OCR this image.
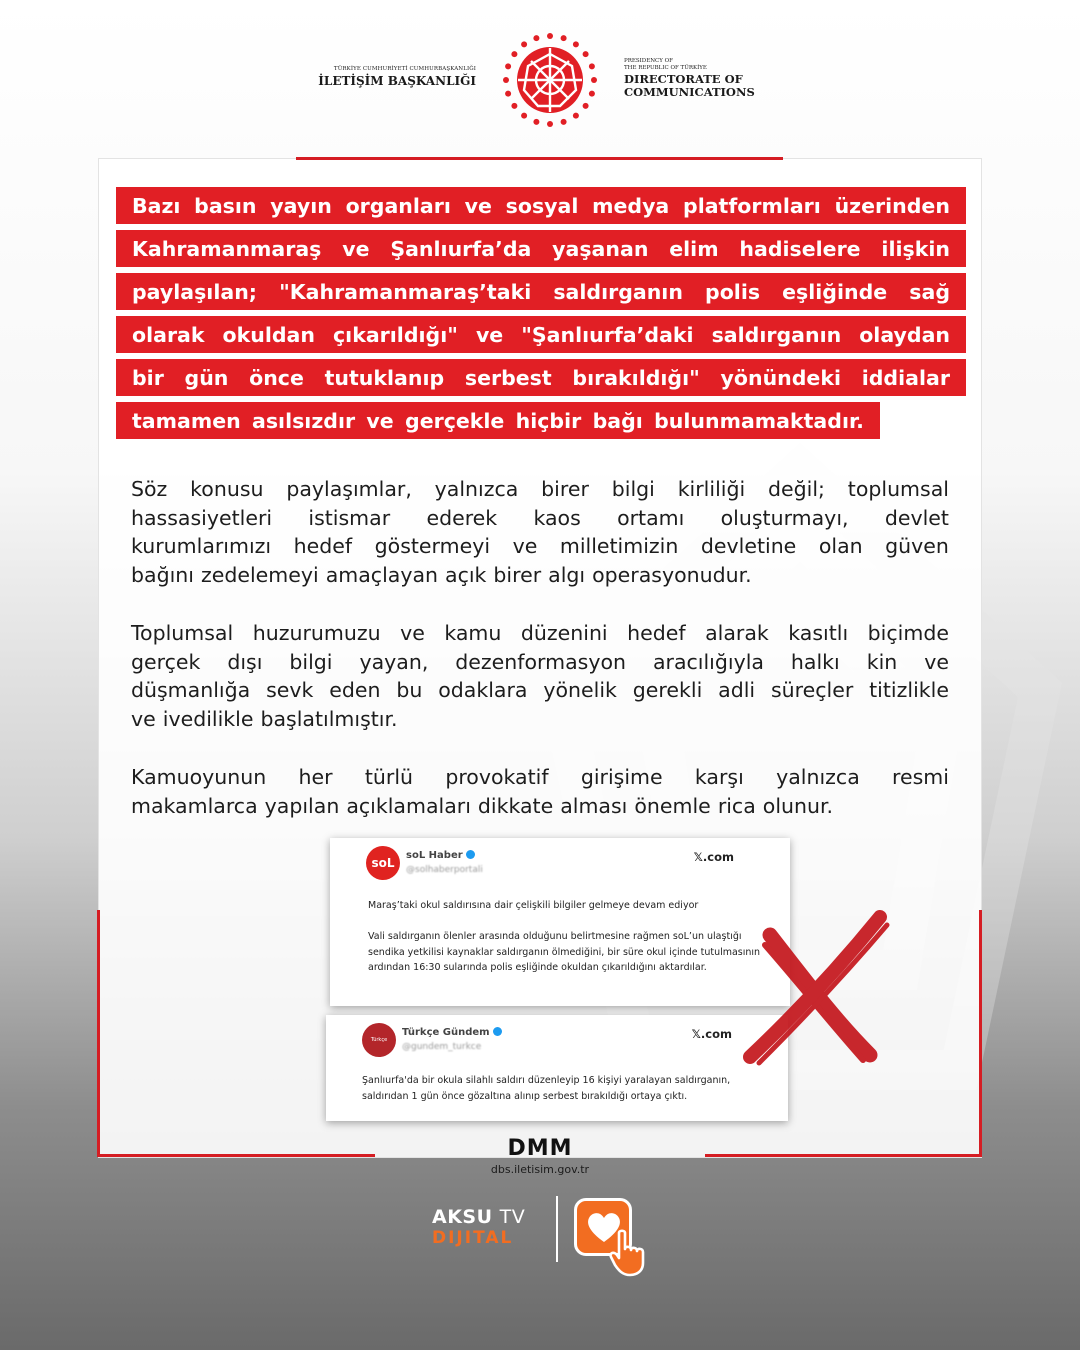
TÜRKİYE CUMHURİYETİ CUMHURBAŞKANLIĞI
İLETİŞİM BAŞKANLIĞI
PRESIDENCY OF
THE REPUBLIC OF TÜRKİYE
DIRECTORATE OF
COMMUNICATIONS
Bazı basın yayın organları ve sosyal medya platformları üzerinden
Kahramanmaraş ve Şanlıurfa’da yaşanan elim hadiselere ilişkin
paylaşılan; "Kahramanmaraş’taki saldırganın polis eşliğinde sağ
olarak okuldan çıkarıldığı" ve "Şanlıurfa’daki saldırganın olaydan
bir gün önce tutuklanıp serbest bırakıldığı" yönündeki iddialar
tamamen asılsızdır ve gerçekle hiçbir bağı bulunmamaktadır.
Söz konusu paylaşımlar, yalnızca birer bilgi kirliliği değil; toplumsal
hassasiyetleri istismar ederek kaos ortamı oluşturmayı, devlet
kurumlarımızı hedef göstermeyi ve milletimizin devletine olan güven
bağını zedelemeyi amaçlayan açık birer algı operasyonudur.
Toplumsal huzurumuzu ve kamu düzenini hedef alarak kasıtlı biçimde
gerçek dışı bilgi yayan, dezenformasyon aracılığıyla halkı kin ve
düşmanlığa sevk eden bu odaklara yönelik gerekli adli süreçler titizlikle
ve ivedilikle başlatılmıştır.
Kamuoyunun her türlü provokatif girişime karşı yalnızca resmi
makamlarca yapılan açıklamaları dikkate alması önemle rica olunur.
soL
soL Haber
@solhaberportali
𝕏.com
Maraş’taki okul saldırısına dair çelişkili bilgiler gelmeye devam ediyor
Vali saldırganın ölenler arasında olduğunu belirtmesine rağmen soL’un ulaştığı sendika yetkilisi kaynaklar saldırganın ölmediğini, bir süre okul içinde tutulmasının ardından 16:30 sularında polis eşliğinde okuldan çıkarıldığını aktardılar.
Türkçe
Türkçe Gündem
@gundem_turkce
𝕏.com
Şanlıurfa'da bir okula silahlı saldırı düzenleyip 16 kişiyi yaralayan saldırganın, saldırıdan 1 gün önce gözaltına alınıp serbest bırakıldığı ortaya çıktı.
DMM
dbs.iletisim.gov.tr
AKSU TV
DIJITAL
